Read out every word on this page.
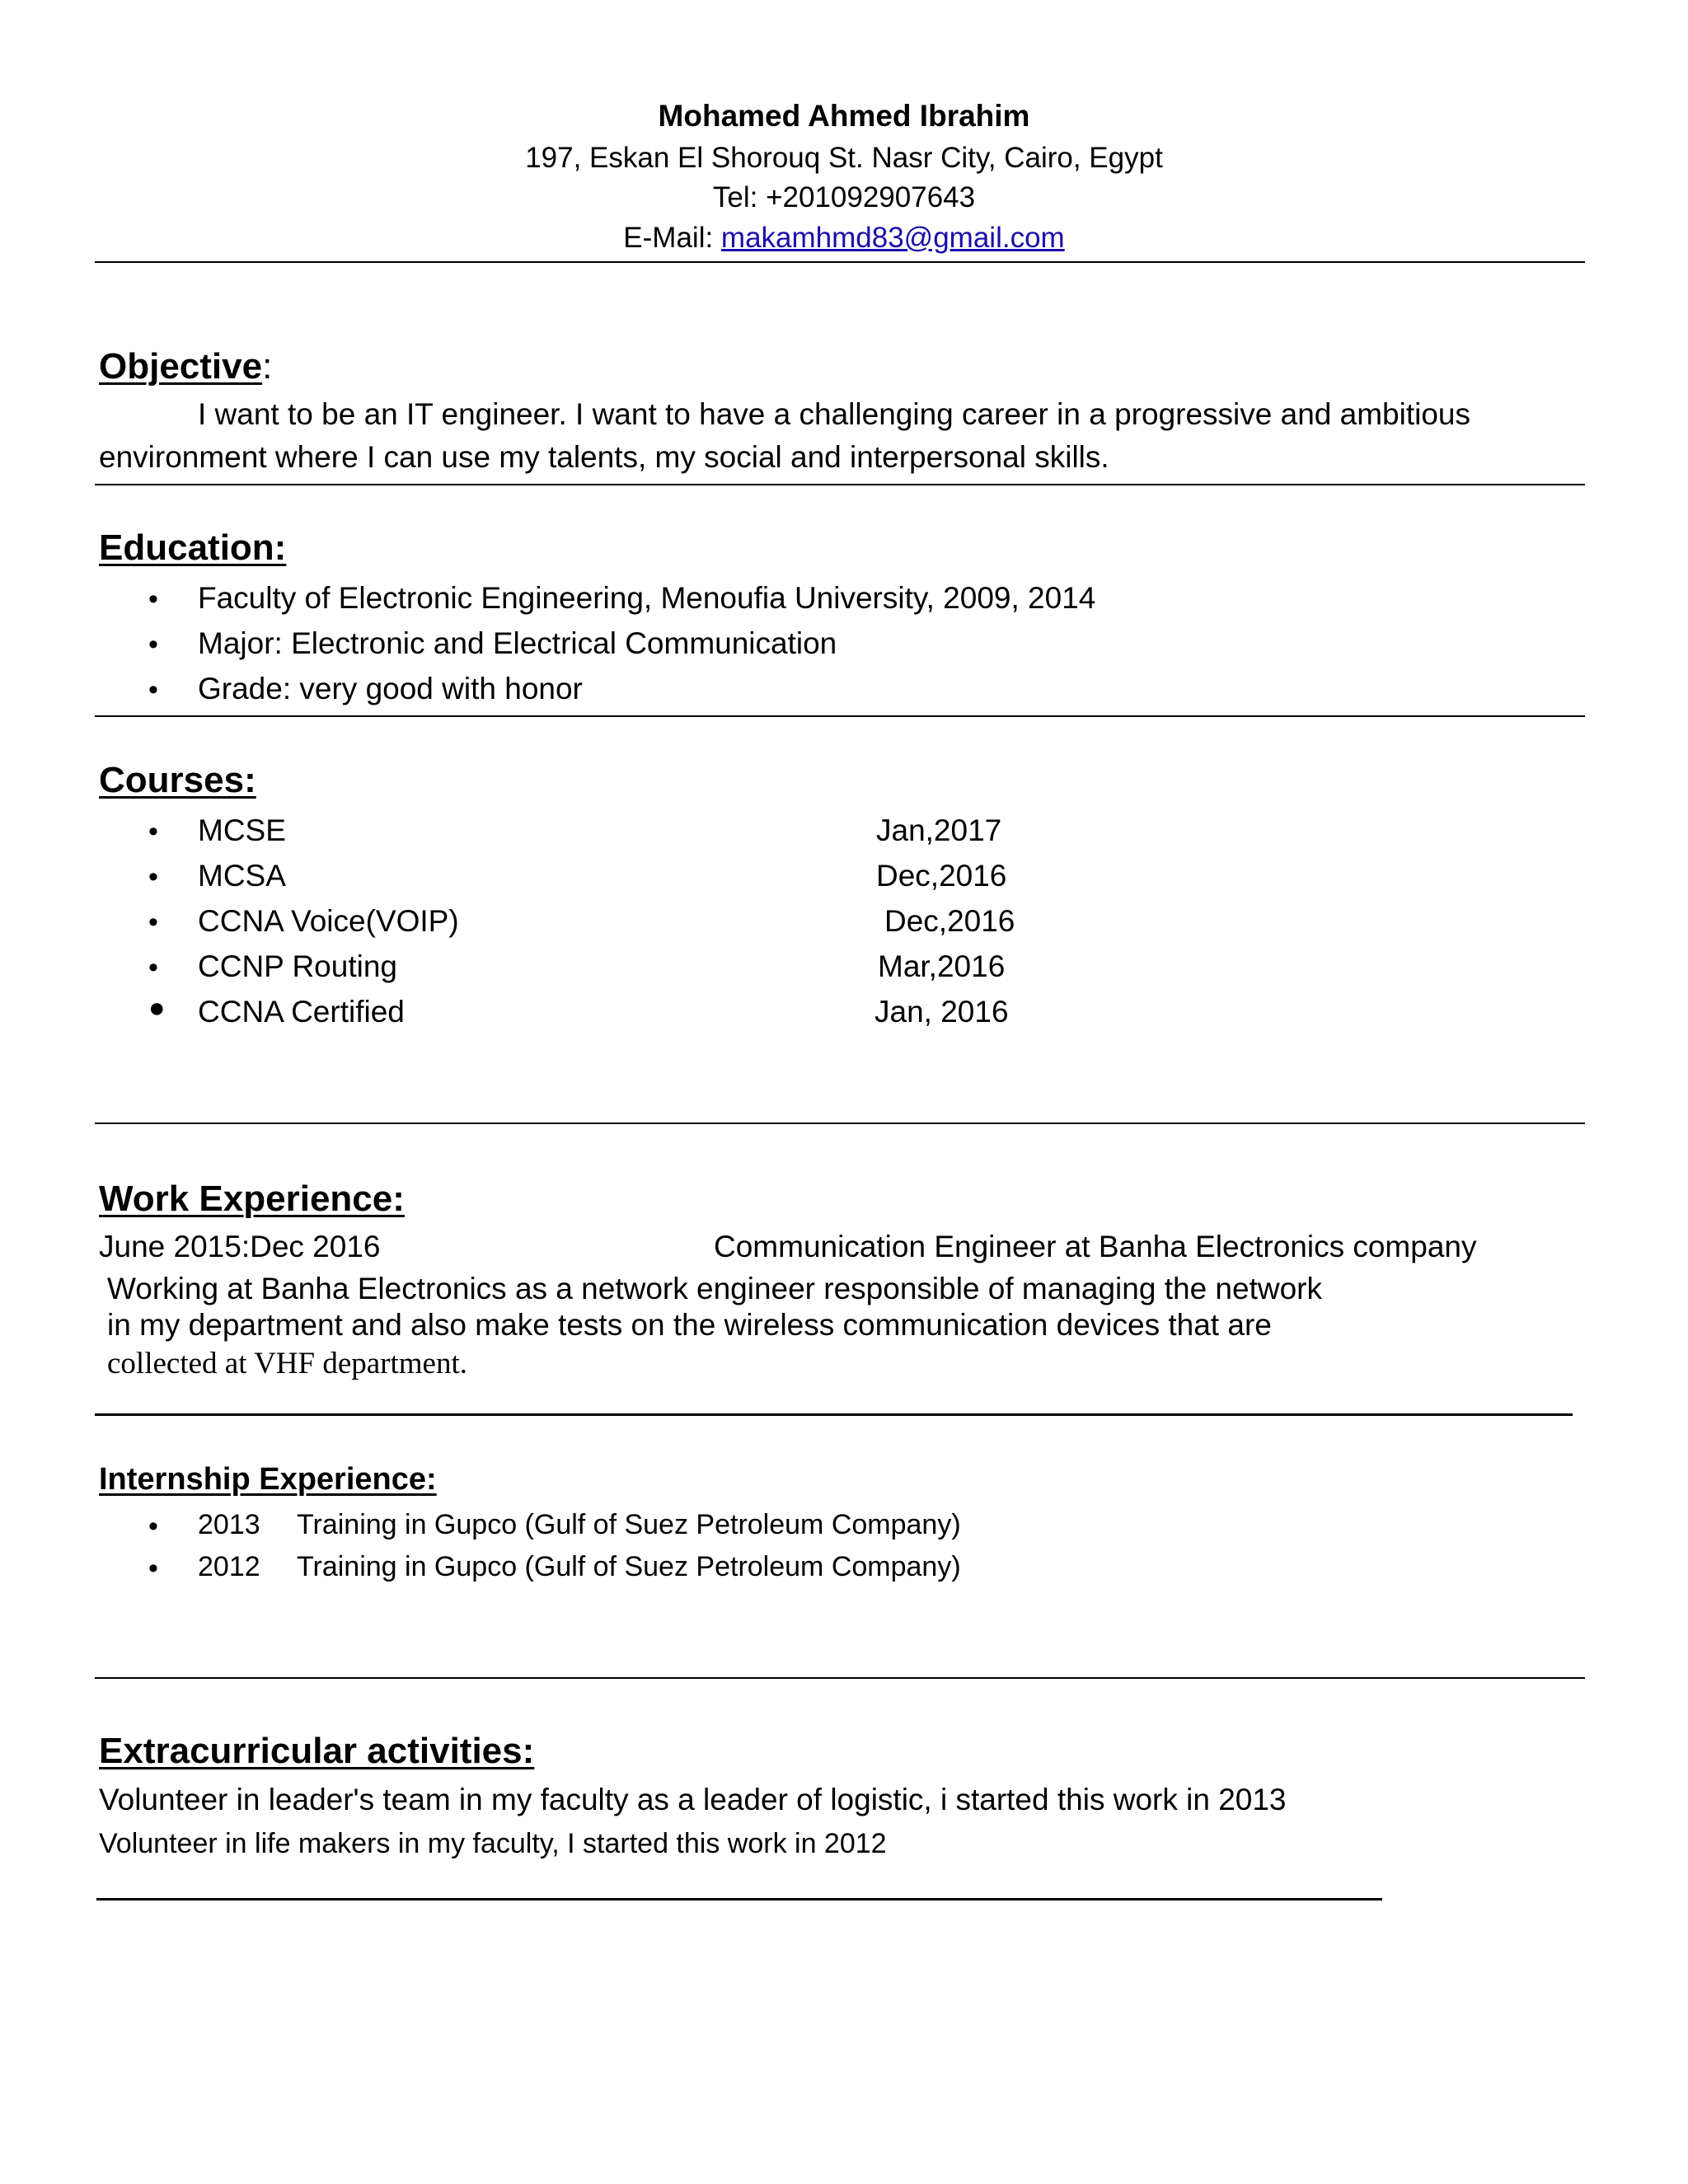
Mohamed Ahmed Ibrahim
197, Eskan El Shorouq St. Nasr City, Cairo, Egypt
Tel: +201092907643
E-Mail: makamhmd83@gmail.com
Objective:
I want to be an IT engineer. I want to have a challenging career in a progressive and ambitious
environment where I can use my talents, my social and interpersonal skills.
Education:
• Faculty of Electronic Engineering, Menoufia University, 2009, 2014
• Major: Electronic and Electrical Communication
• Grade: very good with honor
Courses:
• MCSE	Jan,2017
• MCSA	Dec,2016
• CCNA Voice(VOIP)	Dec,2016
• CCNP Routing	Mar,2016
● CCNA Certified	Jan, 2016
Work Experience:
June 2015:Dec 2016	Communication Engineer at Banha Electronics company
Working at Banha Electronics as a network engineer responsible of managing the network
in my department and also make tests on the wireless communication devices that are
collected at VHF department.
Internship Experience:
• 2013 Training in Gupco (Gulf of Suez Petroleum Company)
• 2012 Training in Gupco (Gulf of Suez Petroleum Company)
Extracurricular activities:
Volunteer in leader's team in my faculty as a leader of logistic, i started this work in 2013
Volunteer in life makers in my faculty, I started this work in 2012
